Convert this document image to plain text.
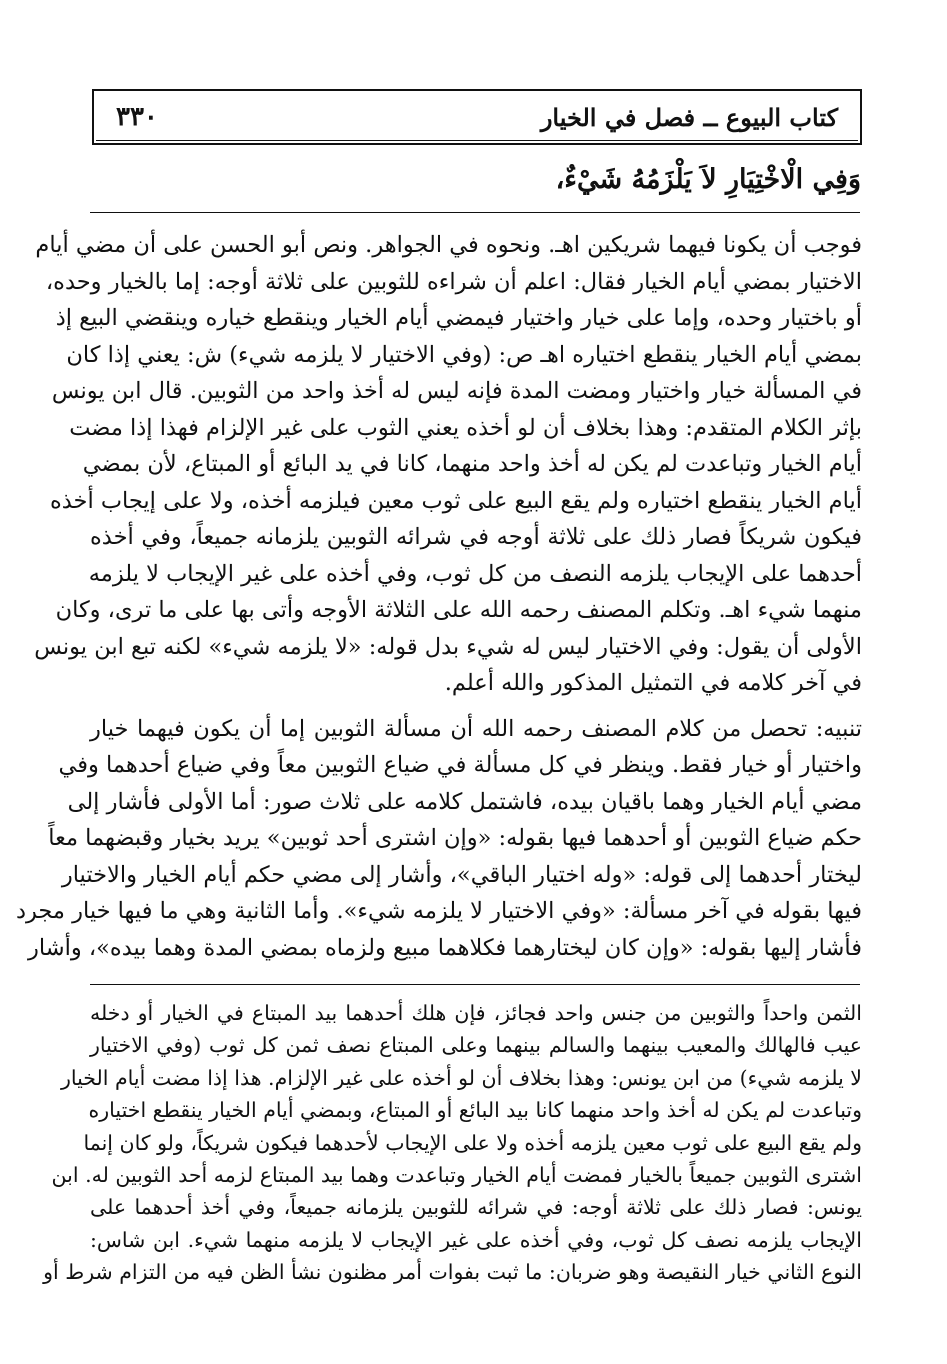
٣٣٠	كتاب البيوع ــ فصل في الخيار
وَفِي الْاخْتِيَارِ لاَ يَلْزَمُهُ شَيْءٌ،

فوجب أن يكونا فيهما شريكين اهـ. ونحوه في الجواهر. ونص أبو الحسن على أن مضي أيام
الاختيار بمضي أيام الخيار فقال: اعلم أن شراءه للثوبين على ثلاثة أوجه: إما بالخيار وحده،
أو باختيار وحده، وإما على خيار واختيار فيمضي أيام الخيار وينقطع خياره وينقضي البيع إذ
بمضي أيام الخيار ينقطع اختياره اهـ ص: (وفي الاختيار لا يلزمه شيء) ش: يعني إذا كان
في المسألة خيار واختيار ومضت المدة فإنه ليس له أخذ واحد من الثوبين. قال ابن يونس
بإثر الكلام المتقدم: وهذا بخلاف أن لو أخذه يعني الثوب على غير الإلزام فهذا إذا مضت
أيام الخيار وتباعدت لم يكن له أخذ واحد منهما، كانا في يد البائع أو المبتاع، لأن بمضي
أيام الخيار ينقطع اختياره ولم يقع البيع على ثوب معين فيلزمه أخذه، ولا على إيجاب أخذه
فيكون شريكاً فصار ذلك على ثلاثة أوجه في شرائه الثوبين يلزمانه جميعاً، وفي أخذه
أحدهما على الإيجاب يلزمه النصف من كل ثوب، وفي أخذه على غير الإيجاب لا يلزمه
منهما شيء اهـ. وتكلم المصنف رحمه الله على الثلاثة الأوجه وأتى بها على ما ترى، وكان
الأولى أن يقول: وفي الاختيار ليس له شيء بدل قوله: «لا يلزمه شيء» لكنه تبع ابن يونس
في آخر كلامه في التمثيل المذكور والله أعلم.

تنبيه: تحصل من كلام المصنف رحمه الله أن مسألة الثوبين إما أن يكون فيهما خيار
واختيار أو خيار فقط. وينظر في كل مسألة في ضياع الثوبين معاً وفي ضياع أحدهما وفي
مضي أيام الخيار وهما باقيان بيده، فاشتمل كلامه على ثلاث صور: أما الأولى فأشار إلى
حكم ضياع الثوبين أو أحدهما فيها بقوله: «وإن اشترى أحد ثوبين» يريد بخيار وقبضهما معاً
ليختار أحدهما إلى قوله: «وله اختيار الباقي»، وأشار إلى مضي حكم أيام الخيار والاختيار
فيها بقوله في آخر مسألة: «وفي الاختيار لا يلزمه شيء». وأما الثانية وهي ما فيها خيار مجرد
فأشار إليها بقوله: «وإن كان ليختارهما فكلاهما مبيع ولزماه بمضي المدة وهما بيده»، وأشار

الثمن واحداً والثوبين من جنس واحد فجائز، فإن هلك أحدهما بيد المبتاع في الخيار أو دخله
عيب فالهالك والمعيب بينهما والسالم بينهما وعلى المبتاع نصف ثمن كل ثوب (وفي الاختيار
لا يلزمه شيء) من ابن يونس: وهذا بخلاف أن لو أخذه على غير الإلزام. هذا إذا مضت أيام الخيار
وتباعدت لم يكن له أخذ واحد منهما كانا بيد البائع أو المبتاع، وبمضي أيام الخيار ينقطع اختياره
ولم يقع البيع على ثوب معين يلزمه أخذه ولا على الإيجاب لأحدهما فيكون شريكاً، ولو كان إنما
اشترى الثوبين جميعاً بالخيار فمضت أيام الخيار وتباعدت وهما بيد المبتاع لزمه أحد الثوبين له. ابن
يونس: فصار ذلك على ثلاثة أوجه: في شرائه للثوبين يلزمانه جميعاً، وفي أخذ أحدهما على
الإيجاب يلزمه نصف كل ثوب، وفي أخذه على غير الإيجاب لا يلزمه منهما شيء. ابن شاس:
النوع الثاني خيار النقيصة وهو ضربان: ما ثبت بفوات أمر مظنون نشأ الظن فيه من التزام شرط أو
